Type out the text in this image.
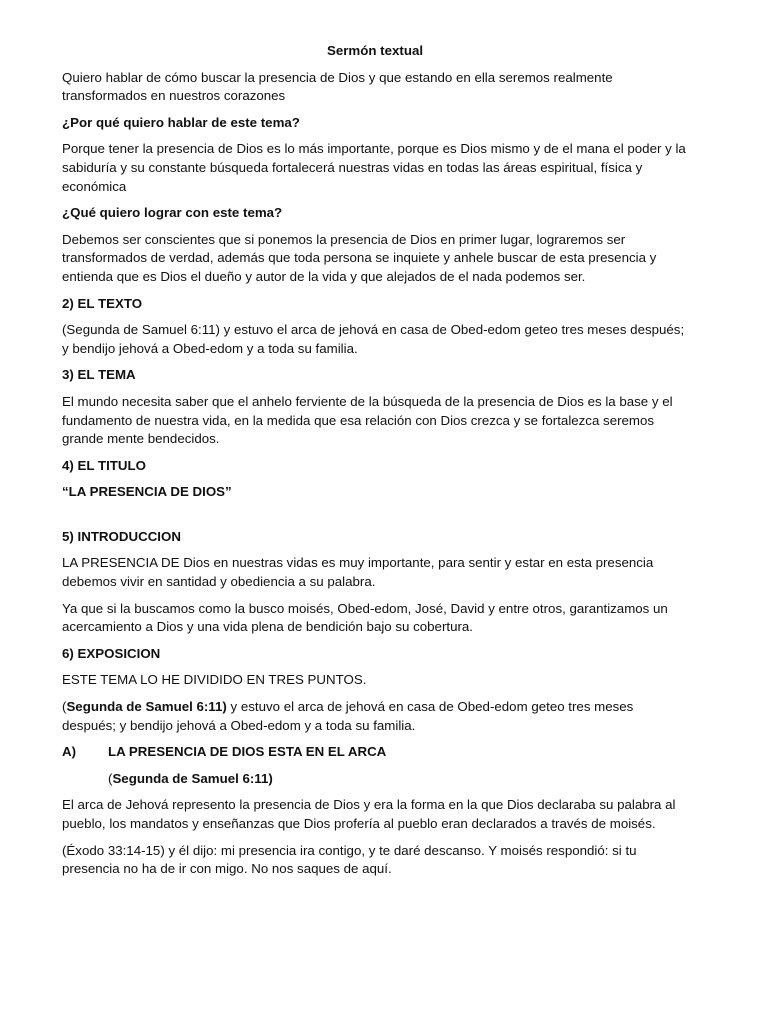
Sermón textual

Quiero hablar de cómo buscar la presencia de Dios y que estando en ella seremos realmente transformados en nuestros corazones

¿Por qué quiero hablar de este tema?

Porque tener la presencia de Dios es lo más importante, porque es Dios mismo y de el mana el poder y la sabiduría y su constante búsqueda fortalecerá nuestras vidas en todas las áreas espiritual, física y económica

¿Qué quiero lograr con este tema?

Debemos ser conscientes que si ponemos la presencia de Dios en primer lugar, lograremos ser transformados de verdad, además que toda persona se inquiete y anhele buscar de esta presencia y entienda que es Dios el dueño y autor de la vida y que alejados de el nada podemos ser.

2) EL TEXTO

(Segunda de Samuel 6:11) y estuvo el arca de jehová en casa de Obed-edom geteo tres meses después; y bendijo jehová a Obed-edom y a toda su familia.

3) EL TEMA

El mundo necesita saber que el anhelo ferviente de la búsqueda de la presencia de Dios es la base y el fundamento de nuestra vida, en la medida que esa relación con Dios crezca y se fortalezca seremos grande mente bendecidos.

4) EL TITULO
“LA PRESENCIA DE DIOS”
5) INTRODUCCION

LA PRESENCIA DE Dios en nuestras vidas es muy importante, para sentir y estar en esta presencia debemos vivir en santidad y obediencia a su palabra.

Ya que si la buscamos como la busco moisés, Obed-edom, José, David y entre otros, garantizamos un acercamiento a Dios y una vida plena de bendición bajo su cobertura.

6) EXPOSICION

ESTE TEMA LO HE DIVIDIDO EN TRES PUNTOS.

(Segunda de Samuel 6:11) y estuvo el arca de jehová en casa de Obed-edom geteo tres meses después; y bendijo jehová a Obed-edom y a toda su familia.

A)	LA PRESENCIA DE DIOS ESTA EN EL ARCA
(Segunda de Samuel 6:11)

El arca de Jehová represento la presencia de Dios y era la forma en la que Dios declaraba su palabra al pueblo, los mandatos y enseñanzas que Dios profería al pueblo eran declarados a través de moisés.

(Éxodo 33:14-15) y él dijo: mi presencia ira contigo, y te daré descanso. Y moisés respondió: si tu presencia no ha de ir con migo. No nos saques de aquí.
